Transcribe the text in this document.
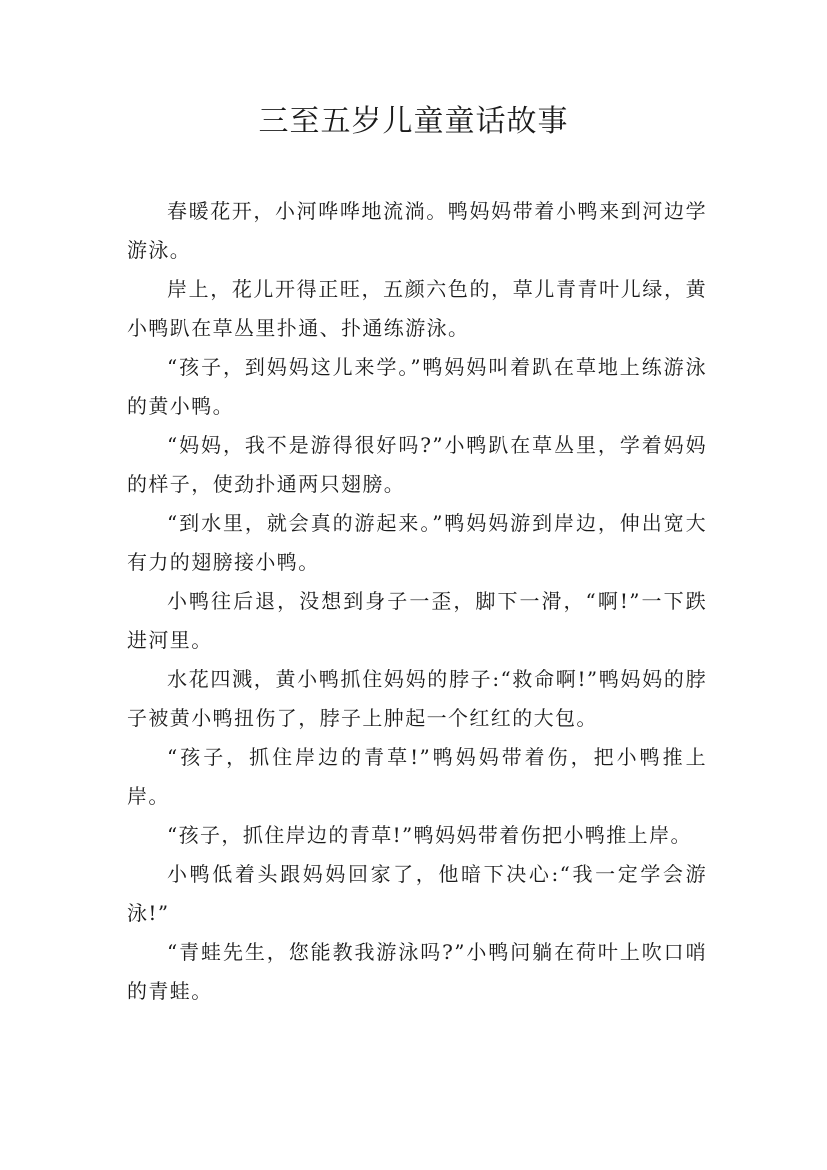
三至五岁儿童童话故事

春暖花开，小河哗哗地流淌。鸭妈妈带着小鸭来到河边学游泳。

岸上，花儿开得正旺，五颜六色的，草儿青青叶儿绿，黄小鸭趴在草丛里扑通、扑通练游泳。

“孩子，到妈妈这儿来学。”鸭妈妈叫着趴在草地上练游泳的黄小鸭。

“妈妈，我不是游得很好吗?”小鸭趴在草丛里，学着妈妈的样子，使劲扑通两只翅膀。

“到水里，就会真的游起来。”鸭妈妈游到岸边，伸出宽大有力的翅膀接小鸭。

小鸭往后退，没想到身子一歪，脚下一滑，“啊!”一下跌进河里。

水花四溅，黄小鸭抓住妈妈的脖子:“救命啊!”鸭妈妈的脖子被黄小鸭扭伤了，脖子上肿起一个红红的大包。

“孩子，抓住岸边的青草!”鸭妈妈带着伤，把小鸭推上岸。

“孩子，抓住岸边的青草!”鸭妈妈带着伤把小鸭推上岸。

小鸭低着头跟妈妈回家了，他暗下决心:“我一定学会游泳!”

“青蛙先生，您能教我游泳吗?”小鸭问躺在荷叶上吹口哨的青蛙。
